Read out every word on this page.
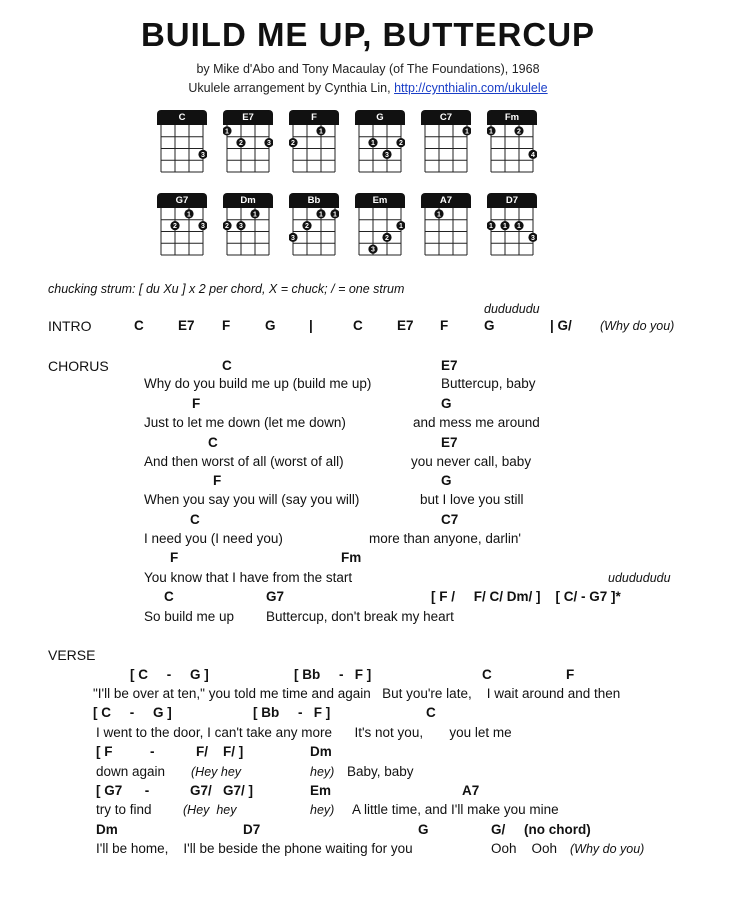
BUILD ME UP, BUTTERCUP
by Mike d'Abo and Tony Macaulay (of The Foundations), 1968
Ukulele arrangement by Cynthia Lin, http://cynthialin.com/ukulele
3
C
1
2	3
E7
2
1
F
1	2
3
G
1
C7
1	2
4
Fm
2
1
3
G7
2 3
1
Dm
3
2
1 1
Bb
3
2
1
Em
1
A7
1 1 1
3
D7
chucking strum: [ du Xu ] x 2 per chord, X = chuck; / = one strum
dudududu
INTRO	C	E7 F	G |	C	E7 F	G	| G/ (Why do you)
CHORUS	C	E7
Why do you build me up (build me up)	Buttercup, baby
F	G
Just to let me down (let me down)	and mess me around
C	E7
And then worst of all (worst of all)	you never call, baby
F	G
When you say you will (say you will)	but I love you still
C	C7
I need you (I need you)	more than anyone, darlin'
F	Fm
You know that I have from the start	ududududu
C	G7	[ F /     F/ C/ Dm/ ]    [ C/ - G7 ]*
So build me up Buttercup, don't break my heart
VERSE
[ C     -     G ]	[ Bb     -   F ]	C	F
"I'll be over at ten," you told me time and again   But you're late,    I wait around and then
[ C     -     G ]	[ Bb     -   F ]	C
I went to the door, I can't take any more      It's not you,       you let me
[ F          -	F/    F/ ]	Dm
down again (Hey hey	hey) Baby, baby
[ G7      -	G7/   G7/ ]	Em	A7
try to find	(Hey  hey	hey) A little time, and I'll make you mine
Dm	D7	G	G/     (no chord)
I'll be home,    I'll be beside the phone waiting for you	Ooh    Ooh (Why do you)
